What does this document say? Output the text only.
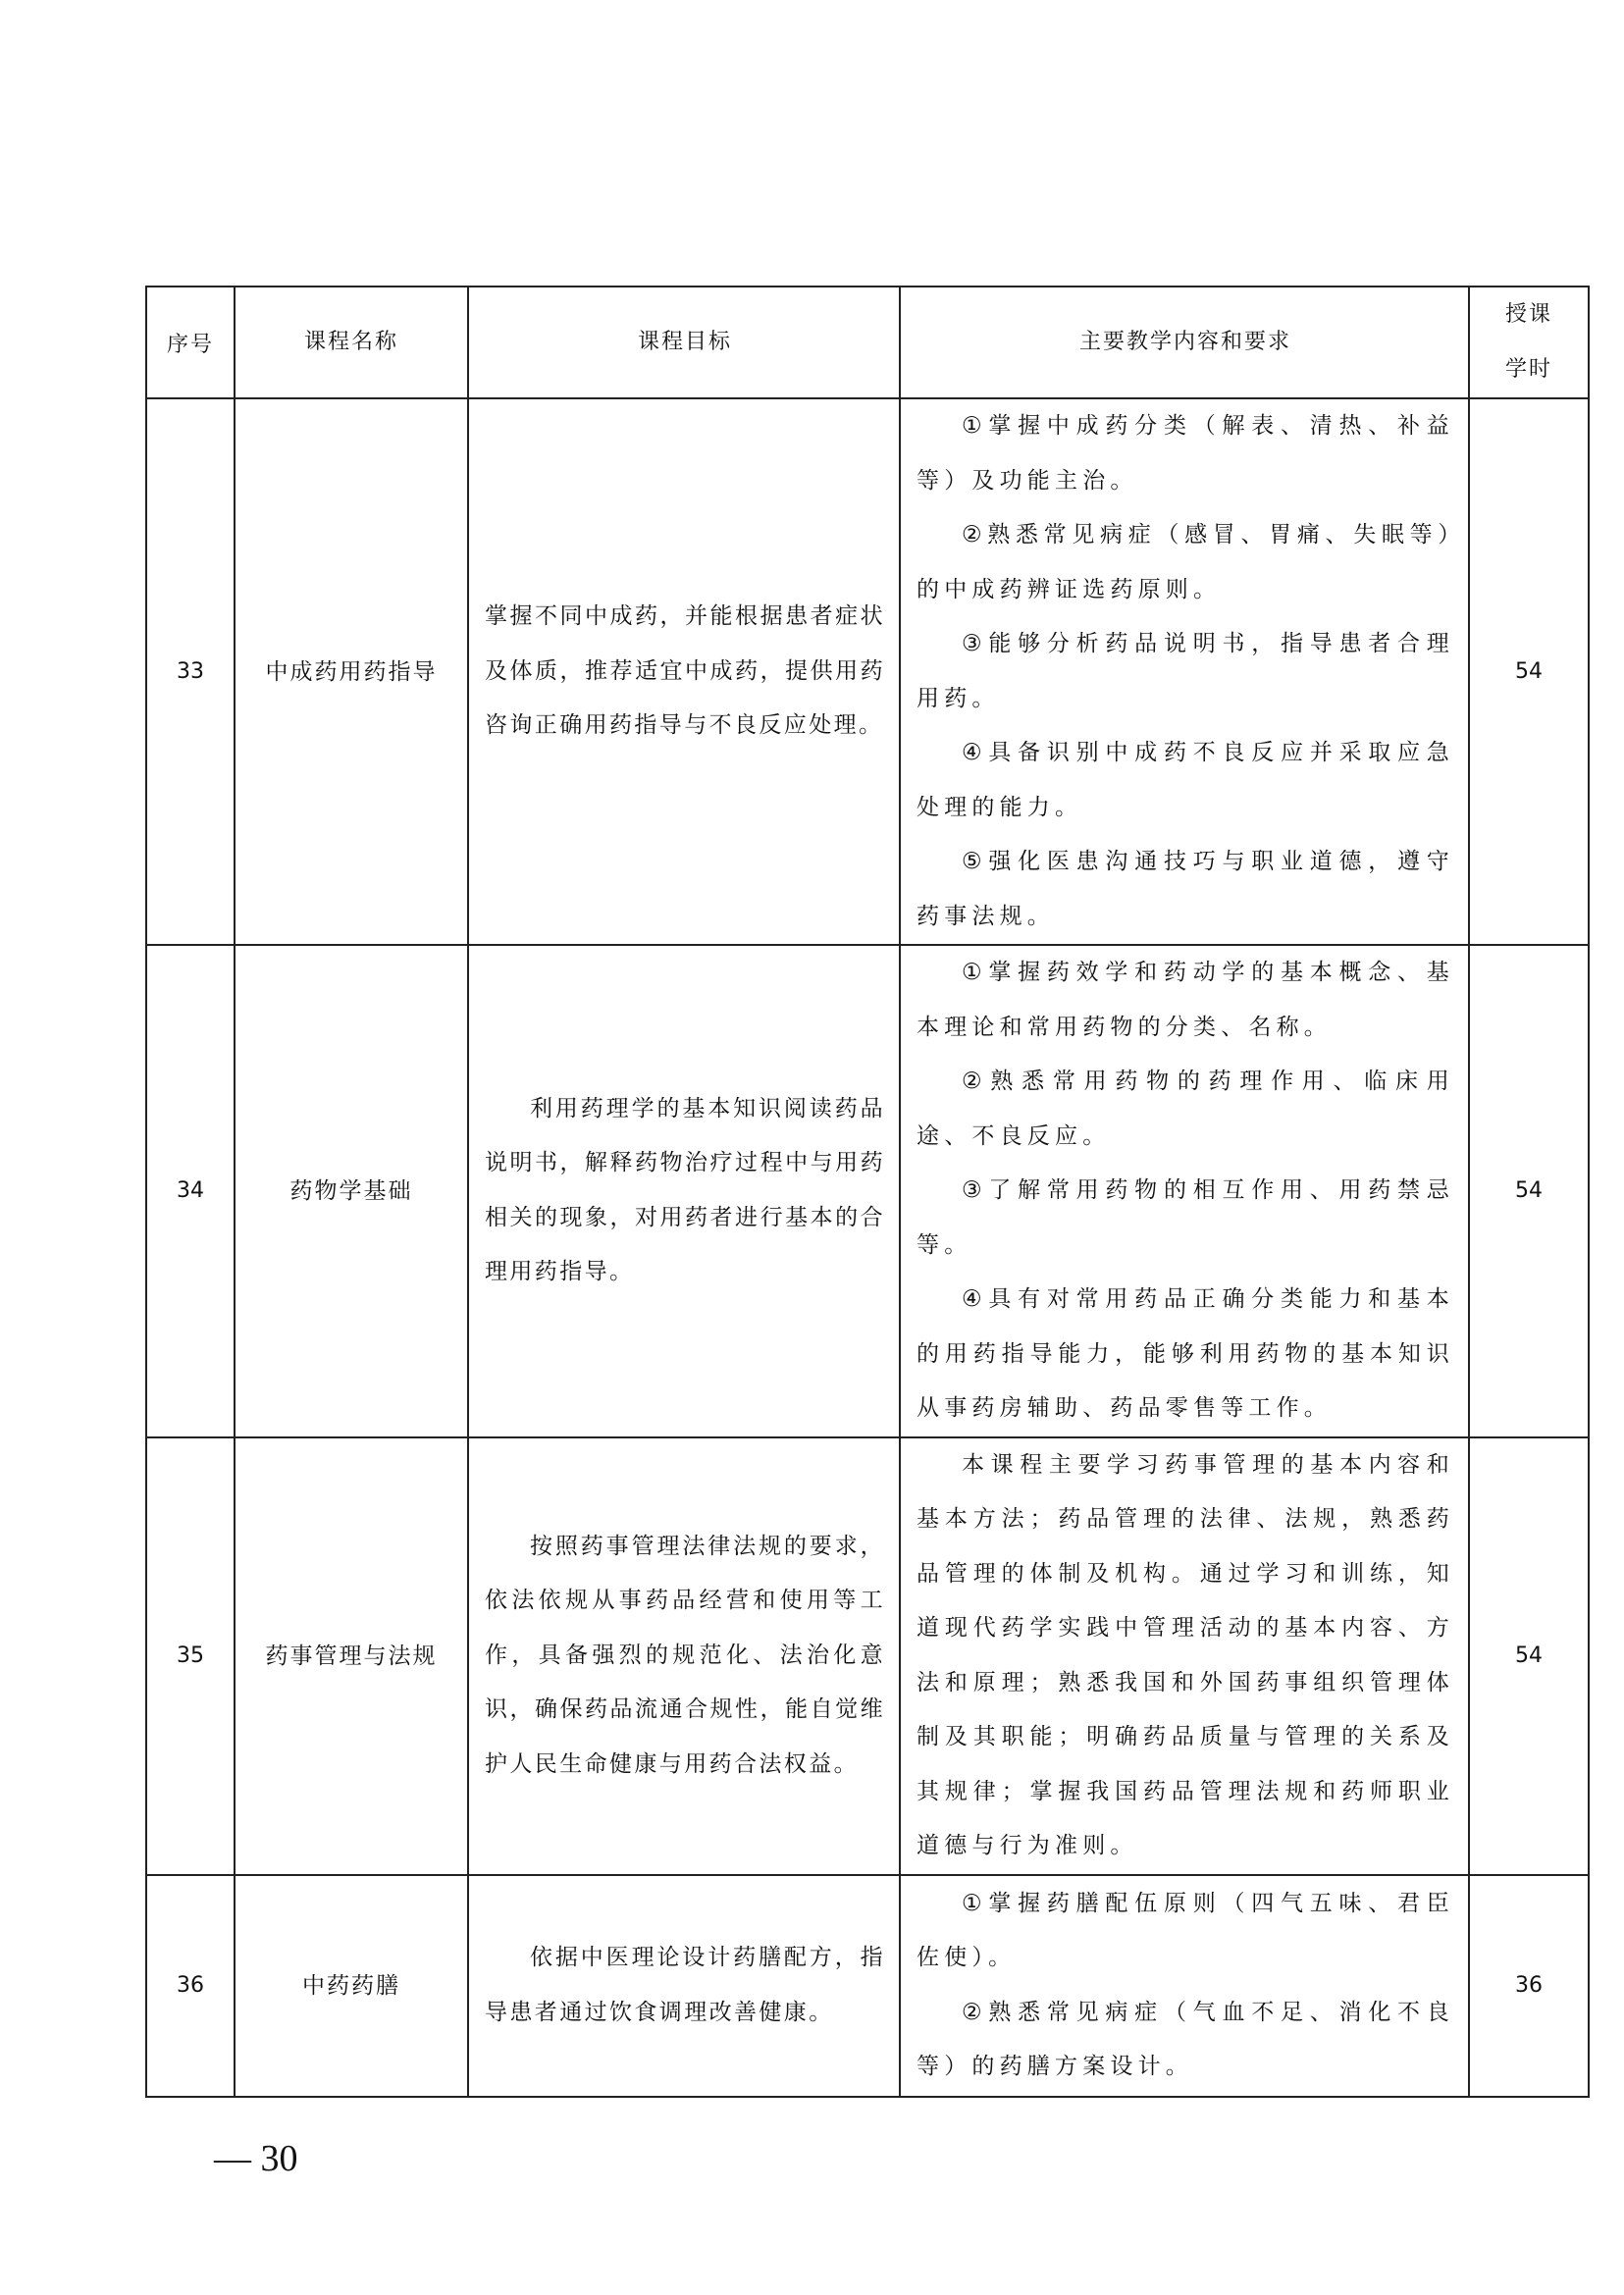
序号	课程名称	课程目标	主要教学内容和要求	授课
学时

33	中成药用药指导	掌握不同中成药，并能根据患者症状及体质，推荐适宜中成药，提供用药咨询正确用药指导与不良反应处理。	①掌握中成药分类（解表、清热、补益等）及功能主治。

②熟悉常见病症（感冒、胃痛、失眠等）的中成药辨证选药原则。

③能够分析药品说明书，指导患者合理用药。

④具备识别中成药不良反应并采取应急处理的能力。

⑤强化医患沟通技巧与职业道德，遵守药事法规。	54
34	药物学基础	利用药理学的基本知识阅读药品说明书，解释药物治疗过程中与用药相关的现象，对用药者进行基本的合理用药指导。	①掌握药效学和药动学的基本概念、基本理论和常用药物的分类、名称。

②熟悉常用药物的药理作用、临床用途、不良反应。

③了解常用药物的相互作用、用药禁忌等。

④具有对常用药品正确分类能力和基本的用药指导能力，能够利用药物的基本知识从事药房辅助、药品零售等工作。	54
35	药事管理与法规	按照药事管理法律法规的要求，依法依规从事药品经营和使用等工作，具备强烈的规范化、法治化意识，确保药品流通合规性，能自觉维护人民生命健康与用药合法权益。	本课程主要学习药事管理的基本内容和基本方法；药品管理的法律、法规，熟悉药品管理的体制及机构。通过学习和训练，知道现代药学实践中管理活动的基本内容、方法和原理；熟悉我国和外国药事组织管理体制及其职能；明确药品质量与管理的关系及其规律；掌握我国药品管理法规和药师职业道德与行为准则。	54
36	中药药膳	依据中医理论设计药膳配方，指导患者通过饮食调理改善健康。	①掌握药膳配伍原则（四气五味、君臣佐使）。

②熟悉常见病症（气血不足、消化不良等）的药膳方案设计。	36
— 30
